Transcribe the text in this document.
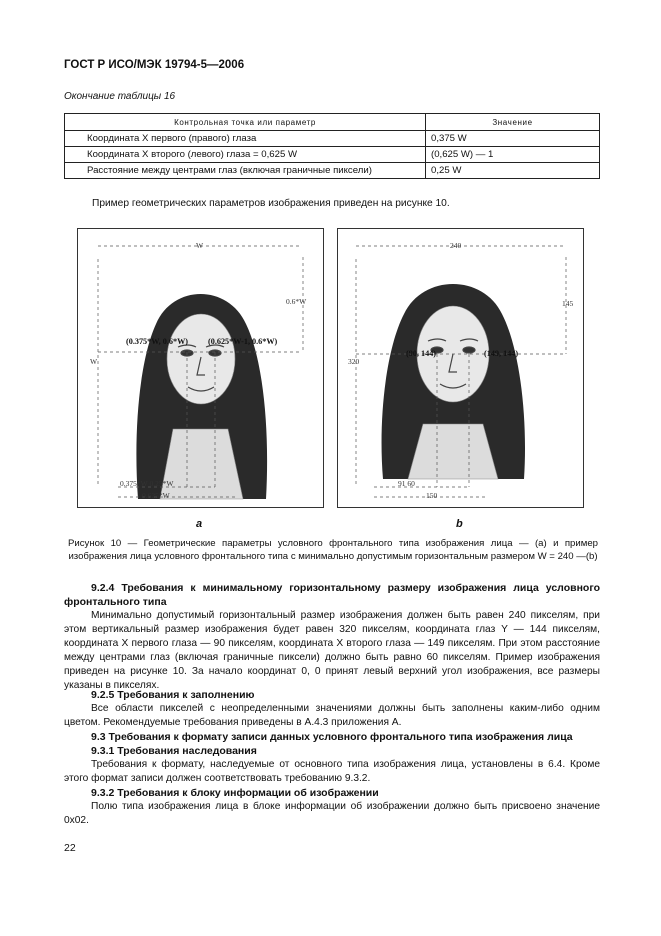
ГОСТ Р ИСО/МЭК 19794-5—2006
Окончание таблицы 16
Контрольная точка или параметр	Значение
Координата X первого (правого) глаза	0,375 W
Координата X второго (левого) глаза = 0,625 W	(0,625 W) — 1
Расстояние между центрами глаз (включая граничные пиксели)	0,25 W
Пример геометрических параметров изображения приведен на рисунке 10.
W
0.6*W
W
(0.375*W, 0.6*W) (0.625*W-1, 0.6*W)
0.375*W 0.25*W
0.625*W
240
145
320
(90, 144)	(149, 144)
91 60
150
a	b
Рисунок 10 — Геометрические параметры условного фронтального типа изображения лица — (а) и пример изображения лица условного фронтального типа с минимально допустимым горизонтальным размером W = 240 —(b)
9.2.4 Требования к минимальному горизонтальному размеру изображения лица условного фронтального типа
Минимально допустимый горизонтальный размер изображения должен быть равен 240 пикселям, при этом вертикальный размер изображения будет равен 320 пикселям, координата глаз Y — 144 пикселям, координата X первого глаза — 90 пикселям, координата X второго глаза — 149 пикселям. При этом расстояние между центрами глаз (включая граничные пиксели) должно быть равно 60 пикселям. Пример изображения приведен на рисунке 10. За начало координат 0, 0 принят левый верхний угол изображения, все размеры указаны в пикселях.
9.2.5 Требования к заполнению
Все области пикселей с неопределенными значениями должны быть заполнены каким-либо одним цветом. Рекомендуемые требования приведены в А.4.3 приложения А.
9.3 Требования к формату записи данных условного фронтального типа изображения лица
9.3.1 Требования наследования
Требования к формату, наследуемые от основного типа изображения лица, установлены в 6.4. Кроме этого формат записи должен соответствовать требованию 9.3.2.
9.3.2 Требования к блоку информации об изображении
Полю типа изображения лица в блоке информации об изображении должно быть присвоено значение 0x02.
22
